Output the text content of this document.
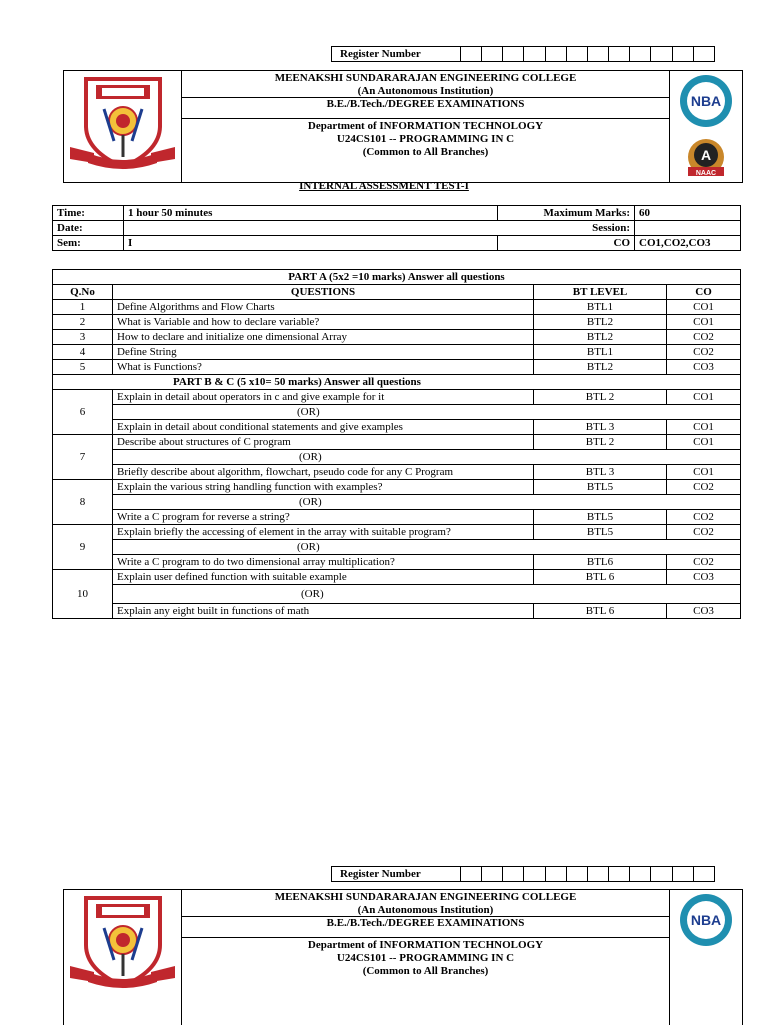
Register Number												
MEENAKSHI SUNDARARAJAN ENGINEERING COLLEGE
(An Autonomous Institution)
B.E./B.Tech./DEGREE EXAMINATIONS
Department of INFORMATION TECHNOLOGY
U24CS101 -- PROGRAMMING IN C
(Common to All Branches)
NBA
A
NAAC
INTERNAL ASSESSMENT TEST-I
Time:	1 hour 50 minutes	Maximum Marks:	60
Date:	Session:		
Sem:	I	CO	CO1,CO2,CO3
PART A (5x2 =10 marks) Answer all questions			
Q.No	QUESTIONS	BT LEVEL	CO
1	Define Algorithms and Flow Charts	BTL1	CO1
2	What is Variable and how to declare variable?	BTL2	CO1
3	How to declare and initialize one dimensional Array	BTL2	CO2
4	Define String	BTL1	CO2
5	What is Functions?	BTL2	CO3
PART B & C (5 x10= 50 marks) Answer all questions			
6	Explain in detail about operators in c and give example for it	BTL 2	CO1
	(OR)		
	Explain in detail about conditional statements and give examples	BTL 3	CO1
7	Describe about structures of C program	BTL 2	CO1
	(OR)		
	Briefly describe about algorithm, flowchart, pseudo code for any C Program	BTL 3	CO1
8	Explain the various string handling function with examples?	BTL5	CO2
	(OR)		
	Write a C program for reverse a string?	BTL5	CO2
9	Explain briefly the accessing of element in the array with suitable program?	BTL5	CO2
	(OR)		
	Write a C program to do two dimensional array multiplication?	BTL6	CO2
10	Explain user defined function with suitable example	BTL 6	CO3
	(OR)		
	Explain any eight built in functions of math	BTL 6	CO3
Register Number												
MEENAKSHI SUNDARARAJAN ENGINEERING COLLEGE
(An Autonomous Institution)
B.E./B.Tech./DEGREE EXAMINATIONS
Department of INFORMATION TECHNOLOGY
U24CS101 -- PROGRAMMING IN C
(Common to All Branches)
NBA
